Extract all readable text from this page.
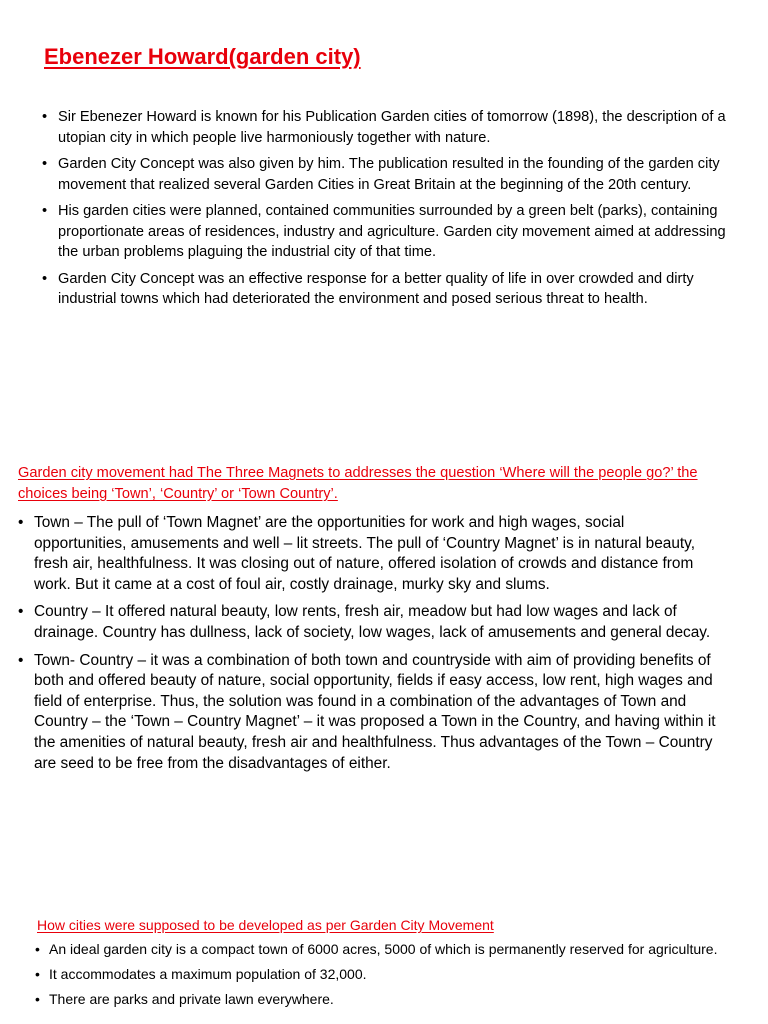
Ebenezer Howard(garden city)
• Sir Ebenezer Howard is known for his Publication Garden cities of tomorrow (1898), the description of a utopian city in which people live harmoniously together with nature.
• Garden City Concept was also given by him. The publication resulted in the founding of the garden city movement that realized several Garden Cities in Great Britain at the beginning of the 20th century.
• His garden cities were planned, contained communities surrounded by a green belt (parks), containing proportionate areas of residences, industry and agriculture. Garden city movement aimed at addressing the urban problems plaguing the industrial city of that time.
• Garden City Concept was an effective response for a better quality of life in over crowded and dirty industrial towns which had deteriorated the environment and posed serious threat to health.
Garden city movement had The Three Magnets to addresses the question ‘Where will the people go?’ the choices being ‘Town’, ‘Country’ or ‘Town Country’.
• Town – The pull of ‘Town Magnet’ are the opportunities for work and high wages, social opportunities, amusements and well – lit streets. The pull of ‘Country Magnet’ is in natural beauty, fresh air, healthfulness. It was closing out of nature, offered isolation of crowds and distance from work. But it came at a cost of foul air, costly drainage, murky sky and slums.
• Country – It offered natural beauty, low rents, fresh air, meadow but had low wages and lack of drainage. Country has dullness, lack of society, low wages, lack of amusements and general decay.
• Town- Country – it was a combination of both town and countryside with aim of providing benefits of both and offered beauty of nature, social opportunity, fields if easy access, low rent, high wages and field of enterprise. Thus, the solution was found in a combination of the advantages of Town and Country – the ‘Town – Country Magnet’ – it was proposed a Town in the Country, and having within it the amenities of natural beauty, fresh air and healthfulness. Thus advantages of the Town – Country are seed to be free from the disadvantages of either.
How cities were supposed to be developed as per Garden City Movement
• An ideal garden city is a compact town of 6000 acres, 5000 of which is permanently reserved for agriculture.
• It accommodates a maximum population of 32,000.
• There are parks and private lawn everywhere.
